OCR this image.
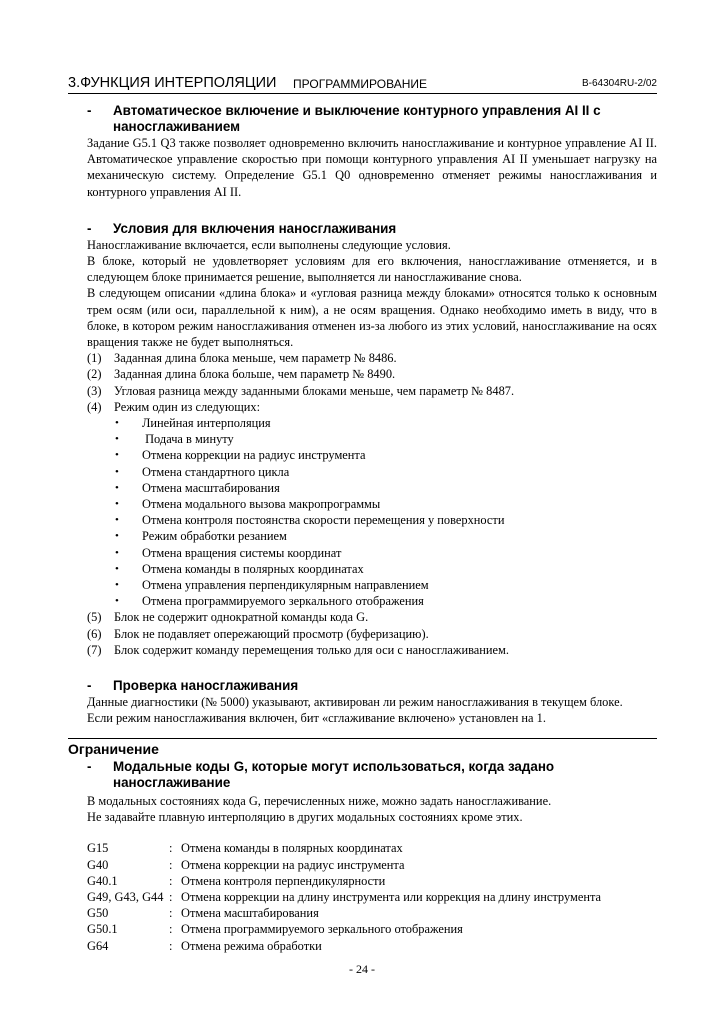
3.ФУНКЦИЯ ИНТЕРПОЛЯЦИИ ПРОГРАММИРОВАНИЕ	B-64304RU-2/02
- Автоматическое включение и выключение контурного управления AI II с наносглаживанием
Задание G5.1 Q3 также позволяет одновременно включить наносглаживание и контурное управление AI II. Автоматическое управление скоростью при помощи контурного управления AI II уменьшает нагрузку на механическую систему. Определение G5.1 Q0 одновременно отменяет режимы наносглаживания и контурного управления AI II.
- Условия для включения наносглаживания
Наносглаживание включается, если выполнены следующие условия.
В блоке, который не удовлетворяет условиям для его включения, наносглаживание отменяется, и в следующем блоке принимается решение, выполняется ли наносглаживание снова.
В следующем описании «длина блока» и «угловая разница между блоками» относятся только к основным трем осям (или оси, параллельной к ним), а не осям вращения. Однако необходимо иметь в виду, что в блоке, в котором режим наносглаживания отменен из-за любого из этих условий, наносглаживание на осях вращения также не будет выполняться.
(1) Заданная длина блока меньше, чем параметр № 8486.
(2) Заданная длина блока больше, чем параметр № 8490.
(3) Угловая разница между заданными блоками меньше, чем параметр № 8487.
(4) Режим один из следующих:
• Линейная интерполяция
• Подача в минуту
• Отмена коррекции на радиус инструмента
• Отмена стандартного цикла
• Отмена масштабирования
• Отмена модального вызова макропрограммы
• Отмена контроля постоянства скорости перемещения у поверхности
• Режим обработки резанием
• Отмена вращения системы координат
• Отмена команды в полярных координатах
• Отмена управления перпендикулярным направлением
• Отмена программируемого зеркального отображения
(5) Блок не содержит однократной команды кода G.
(6) Блок не подавляет опережающий просмотр (буферизацию).
(7) Блок содержит команду перемещения только для оси с наносглаживанием.
- Проверка наносглаживания
Данные диагностики (№ 5000) указывают, активирован ли режим наносглаживания в текущем блоке.
Если режим наносглаживания включен, бит «сглаживание включено» установлен на 1.
Ограничение
- Модальные коды G, которые могут использоваться, когда задано наносглаживание
В модальных состояниях кода G, перечисленных ниже, можно задать наносглаживание.
Не задавайте плавную интерполяцию в других модальных состояниях кроме этих.
G15	:	Отмена команды в полярных координатах
G40	:	Отмена коррекции на радиус инструмента
G40.1	:	Отмена контроля перпендикулярности
G49, G43, G44	:	Отмена коррекции на длину инструмента или коррекция на длину инструмента
G50	:	Отмена масштабирования
G50.1	:	Отмена программируемого зеркального отображения
G64	:	Отмена режима обработки
- 24 -
